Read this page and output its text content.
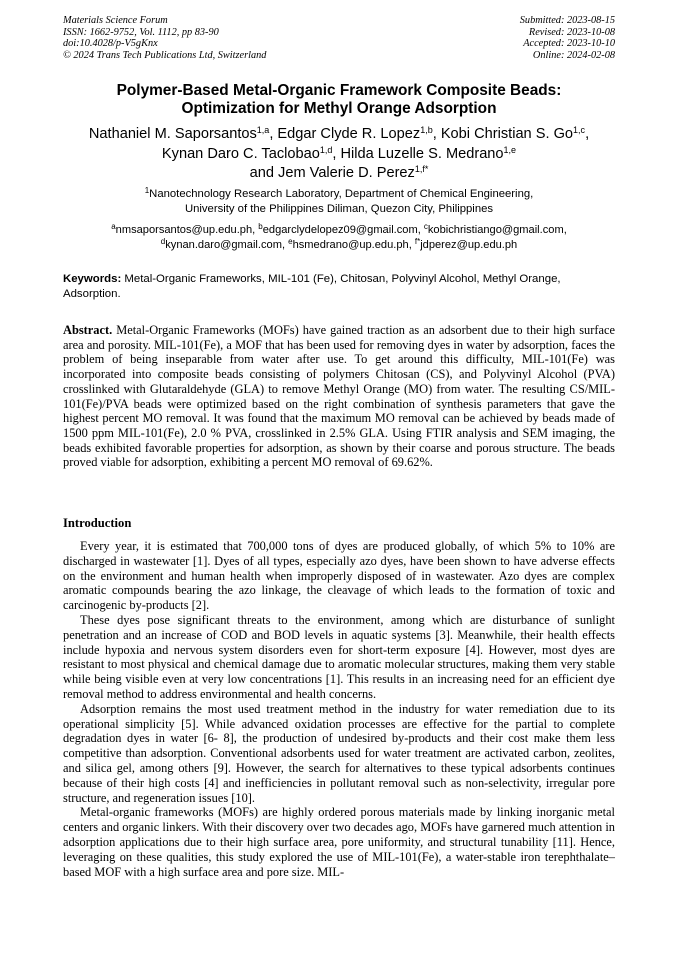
Materials Science Forum
ISSN: 1662-9752, Vol. 1112, pp 83-90
doi:10.4028/p-V5gKnx
© 2024 Trans Tech Publications Ltd, Switzerland
Submitted: 2023-08-15
Revised: 2023-10-08
Accepted: 2023-10-10
Online: 2024-02-08
Polymer-Based Metal-Organic Framework Composite Beads:
Optimization for Methyl Orange Adsorption
Nathaniel M. Saporsantos$^{1,a}$, Edgar Clyde R. Lopez$^{1,b}$, Kobi Christian S. Go$^{1,c}$,
Kynan Daro C. Taclobao$^{1,d}$, Hilda Luzelle S. Medrano$^{1,e}$
and Jem Valerie D. Perez$^{1,f*}$
$^1$Nanotechnology Research Laboratory, Department of Chemical Engineering,
University of the Philippines Diliman, Quezon City, Philippines
$^a$nmsaporsantos@up.edu.ph, $^b$edgarclydelopez09@gmail.com, $^c$kobichristiango@gmail.com,
$^d$kynan.daro@gmail.com, $^e$hsmedrano@up.edu.ph, $^{f*}$jdperez@up.edu.ph
Keywords: Metal-Organic Frameworks, MIL-101 (Fe), Chitosan, Polyvinyl Alcohol, Methyl Orange, Adsorption.
Abstract. Metal-Organic Frameworks (MOFs) have gained traction as an adsorbent due to their high surface area and porosity. MIL-101(Fe), a MOF that has been used for removing dyes in water by adsorption, faces the problem of being inseparable from water after use. To get around this difficulty, MIL-101(Fe) was incorporated into composite beads consisting of polymers Chitosan (CS), and Polyvinyl Alcohol (PVA) crosslinked with Glutaraldehyde (GLA) to remove Methyl Orange (MO) from water. The resulting CS/MIL-101(Fe)/PVA beads were optimized based on the right combination of synthesis parameters that gave the highest percent MO removal. It was found that the maximum MO removal can be achieved by beads made of 1500 ppm MIL-101(Fe), 2.0 % PVA, crosslinked in 2.5% GLA. Using FTIR analysis and SEM imaging, the beads exhibited favorable properties for adsorption, as shown by their coarse and porous structure. The beads proved viable for adsorption, exhibiting a percent MO removal of 69.62%.
Introduction

Every year, it is estimated that 700,000 tons of dyes are produced globally, of which 5% to 10% are discharged in wastewater [1]. Dyes of all types, especially azo dyes, have been shown to have adverse effects on the environment and human health when improperly disposed of in wastewater. Azo dyes are complex aromatic compounds bearing the azo linkage, the cleavage of which leads to the formation of toxic and carcinogenic by-products [2].

These dyes pose significant threats to the environment, among which are disturbance of sunlight penetration and an increase of COD and BOD levels in aquatic systems [3]. Meanwhile, their health effects include hypoxia and nervous system disorders even for short-term exposure [4]. However, most dyes are resistant to most physical and chemical damage due to aromatic molecular structures, making them very stable while being visible even at very low concentrations [1]. This results in an increasing need for an efficient dye removal method to address environmental and health concerns.

Adsorption remains the most used treatment method in the industry for water remediation due to its operational simplicity [5]. While advanced oxidation processes are effective for the partial to complete degradation dyes in water [6- 8], the production of undesired by-products and their cost make them less competitive than adsorption. Conventional adsorbents used for water treatment are activated carbon, zeolites, and silica gel, among others [9]. However, the search for alternatives to these typical adsorbents continues because of their high costs [4] and inefficiencies in pollutant removal such as non-selectivity, irregular pore structure, and regeneration issues [10].

Metal-organic frameworks (MOFs) are highly ordered porous materials made by linking inorganic metal centers and organic linkers. With their discovery over two decades ago, MOFs have garnered much attention in adsorption applications due to their high surface area, pore uniformity, and structural tunability [11]. Hence, leveraging on these qualities, this study explored the use of MIL-101(Fe), a water-stable iron terephthalate–based MOF with a high surface area and pore size. MIL-
